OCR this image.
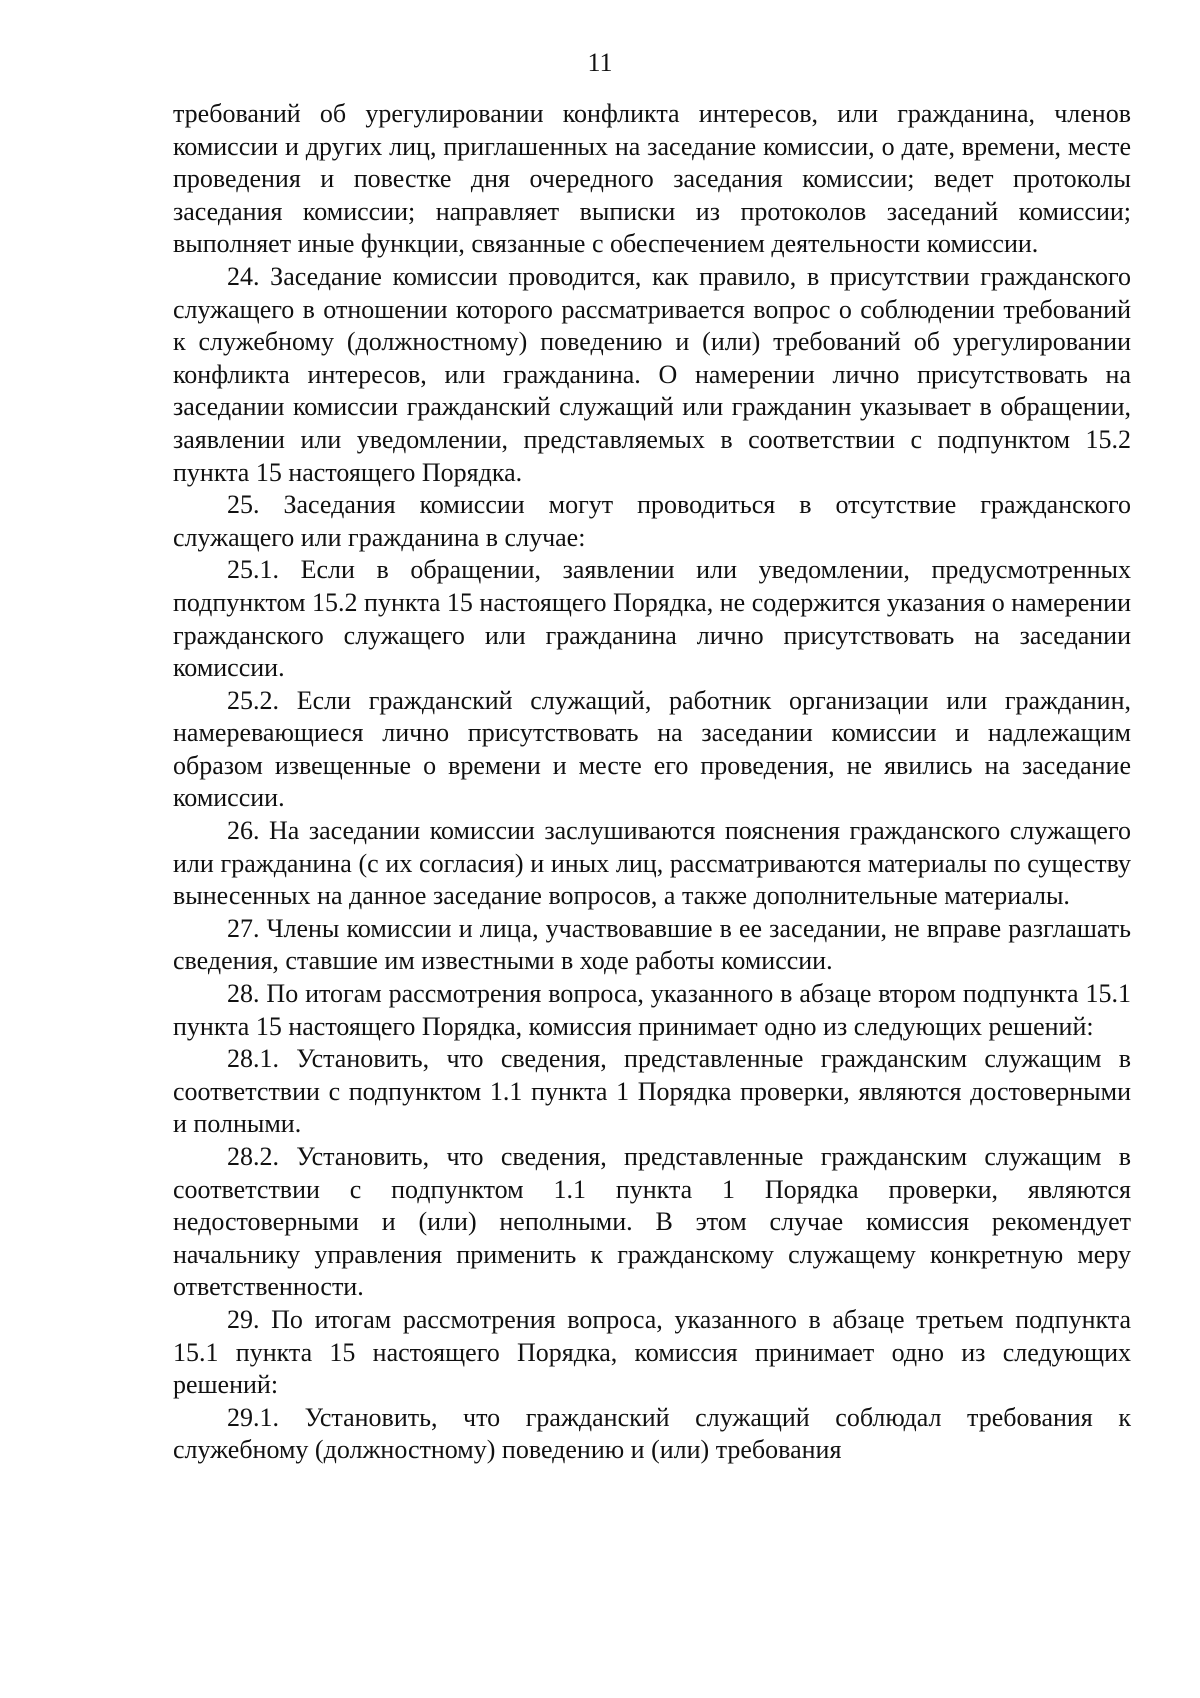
11

требований об урегулировании конфликта интересов, или гражданина, членов комиссии и других лиц, приглашенных на заседание комиссии, о дате, времени, месте проведения и повестке дня очередного заседания комиссии; ведет протоколы заседания комиссии; направляет выписки из протоколов заседаний комиссии; выполняет иные функции, связанные с обеспечением деятельности комиссии.

24. Заседание комиссии проводится, как правило, в присутствии гражданского служащего в отношении которого рассматривается вопрос о соблюдении требований к служебному (должностному) поведению и (или) требований об урегулировании конфликта интересов, или гражданина. О намерении лично присутствовать на заседании комиссии гражданский служащий или гражданин указывает в обращении, заявлении или уведомлении, представляемых в соответствии с подпунктом 15.2 пункта 15 настоящего Порядка.

25. Заседания комиссии могут проводиться в отсутствие гражданского служащего или гражданина в случае:

25.1. Если в обращении, заявлении или уведомлении, предусмотренных подпунктом 15.2 пункта 15 настоящего Порядка, не содержится указания о намерении гражданского служащего или гражданина лично присутствовать на заседании комиссии.

25.2. Если гражданский служащий, работник организации или гражданин, намеревающиеся лично присутствовать на заседании комиссии и надлежащим образом извещенные о времени и месте его проведения, не явились на заседание комиссии.

26. На заседании комиссии заслушиваются пояснения гражданского служащего или гражданина (с их согласия) и иных лиц, рассматриваются материалы по существу вынесенных на данное заседание вопросов, а также дополнительные материалы.

27. Члены комиссии и лица, участвовавшие в ее заседании, не вправе разглашать сведения, ставшие им известными в ходе работы комиссии.

28. По итогам рассмотрения вопроса, указанного в абзаце втором подпункта 15.1 пункта 15 настоящего Порядка, комиссия принимает одно из следующих решений:

28.1. Установить, что сведения, представленные гражданским служащим в соответствии с подпунктом 1.1 пункта 1 Порядка проверки, являются достоверными и полными.

28.2. Установить, что сведения, представленные гражданским служащим в соответствии с подпунктом 1.1 пункта 1 Порядка проверки, являются недостоверными и (или) неполными. В этом случае комиссия рекомендует начальнику управления применить к гражданскому служащему конкретную меру ответственности.

29. По итогам рассмотрения вопроса, указанного в абзаце третьем подпункта 15.1 пункта 15 настоящего Порядка, комиссия принимает одно из следующих решений:

29.1. Установить, что гражданский служащий соблюдал требования к служебному (должностному) поведению и (или) требования
